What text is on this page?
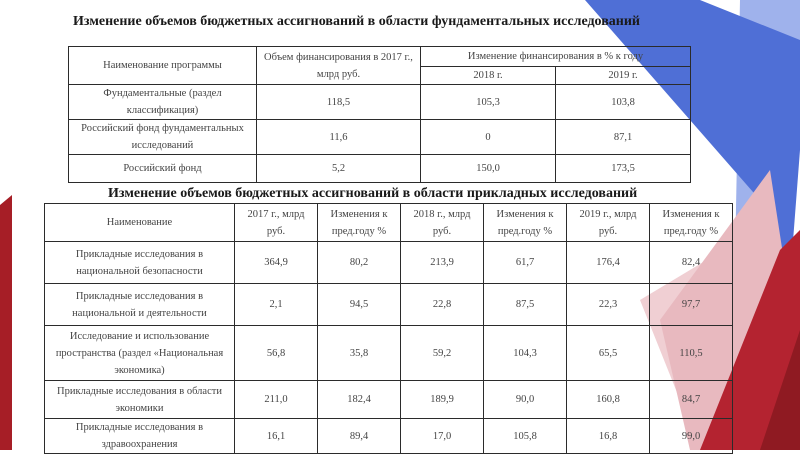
Изменение объемов бюджетных ассигнований в области фундаментальных исследований
Наименование программы	Объем финансирования в 2017 г., млрд руб.	Изменение финансирования в % к году	
		2018 г.	2019 г.
Фундаментальные (раздел классификация)	118,5	105,3	103,8
Российский фонд фундаментальных исследований	11,6	0	87,1
Российский фонд	5,2	150,0	173,5
Изменение объемов бюджетных ассигнований в области прикладных исследований
Наименование	2017 г., млрд руб.	Изменения к пред.году %	2018 г., млрд руб.	Изменения к пред.году %	2019 г., млрд руб.	Изменения к пред.году %
Прикладные исследования в национальной безопасности	364,9	80,2	213,9	61,7	176,4	82,4
Прикладные исследования в национальной и деятельности	2,1	94,5	22,8	87,5	22,3	97,7
Исследование и использование пространства (раздел «Национальная экономика)	56,8	35,8	59,2	104,3	65,5	110,5
Прикладные исследования в области экономики	211,0	182,4	189,9	90,0	160,8	84,7
Прикладные исследования в здравоохранения	16,1	89,4	17,0	105,8	16,8	99,0
